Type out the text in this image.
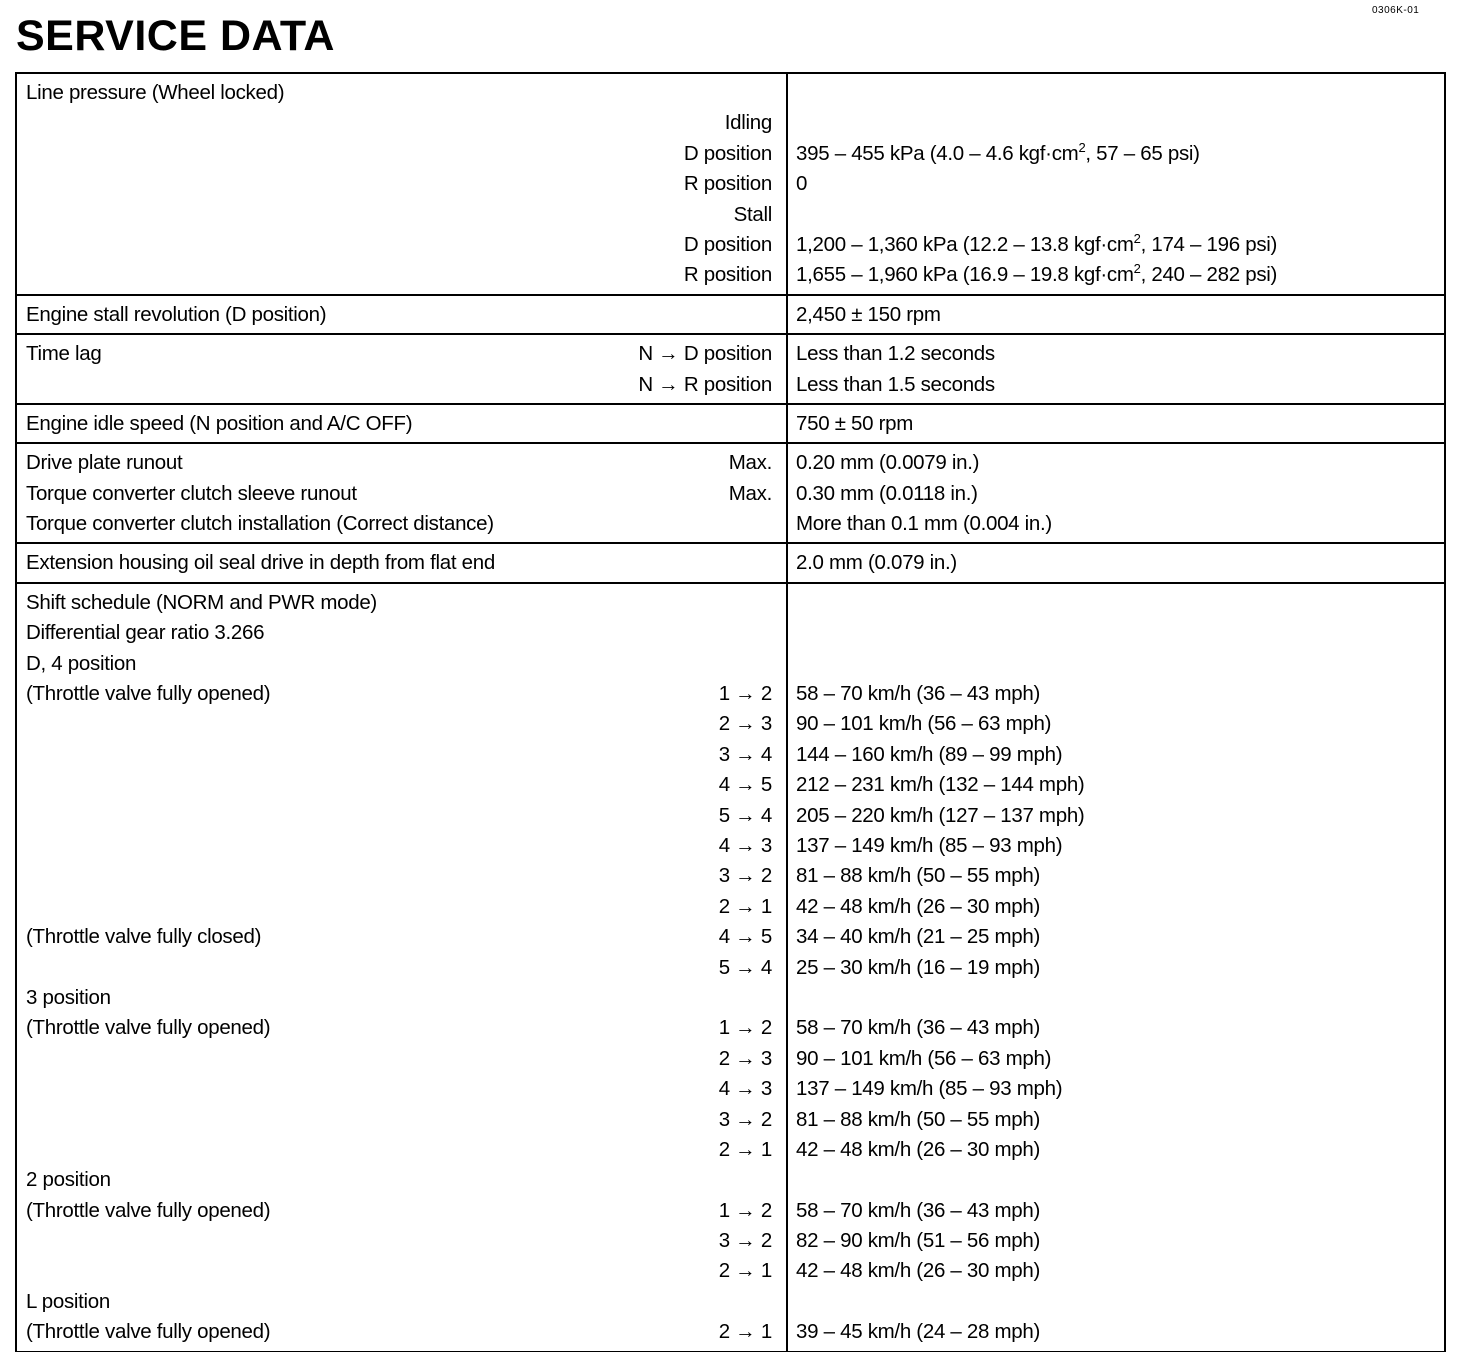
0306K-01
SERVICE DATA
Line pressure (Wheel locked)
Idling
D position	395 – 455 kPa (4.0 – 4.6 $kgf\cdot cm^2$, 57 – 65 psi)
R position	0
Stall
D position	1,200 – 1,360 kPa (12.2 – 13.8 $kgf\cdot cm^2$, 174 – 196 psi)
R position	1,655 – 1,960 kPa (16.9 – 19.8 $kgf\cdot cm^2$, 240 – 282 psi)
Engine stall revolution (D position)	2,450 ± 150 rpm
Time lag	N → D position	Less than 1.2 seconds
N → R position	Less than 1.5 seconds
Engine idle speed (N position and A/C OFF)	750 ± 50 rpm
Drive plate runout	Max.	0.20 mm (0.0079 in.)
Torque converter clutch sleeve runout	Max.	0.30 mm (0.0118 in.)
Torque converter clutch installation (Correct distance)	More than 0.1 mm (0.004 in.)
Extension housing oil seal drive in depth from flat end	2.0 mm (0.079 in.)
Shift schedule (NORM and PWR mode)
Differential gear ratio 3.266
D, 4 position
(Throttle valve fully opened)	1 → 2	58 – 70 km/h (36 – 43 mph)
2 → 3	90 – 101 km/h (56 – 63 mph)
3 → 4	144 – 160 km/h (89 – 99 mph)
4 → 5	212 – 231 km/h (132 – 144 mph)
5 → 4	205 – 220 km/h (127 – 137 mph)
4 → 3	137 – 149 km/h (85 – 93 mph)
3 → 2	81 – 88 km/h (50 – 55 mph)
2 → 1	42 – 48 km/h (26 – 30 mph)
(Throttle valve fully closed)	4 → 5	34 – 40 km/h (21 – 25 mph)
5 → 4	25 – 30 km/h (16 – 19 mph)
3 position
(Throttle valve fully opened)	1 → 2	58 – 70 km/h (36 – 43 mph)
2 → 3	90 – 101 km/h (56 – 63 mph)
4 → 3	137 – 149 km/h (85 – 93 mph)
3 → 2	81 – 88 km/h (50 – 55 mph)
2 → 1	42 – 48 km/h (26 – 30 mph)
2 position
(Throttle valve fully opened)	1 → 2	58 – 70 km/h (36 – 43 mph)
3 → 2	82 – 90 km/h (51 – 56 mph)
2 → 1	42 – 48 km/h (26 – 30 mph)
L position
(Throttle valve fully opened)	2 → 1	39 – 45 km/h (24 – 28 mph)
